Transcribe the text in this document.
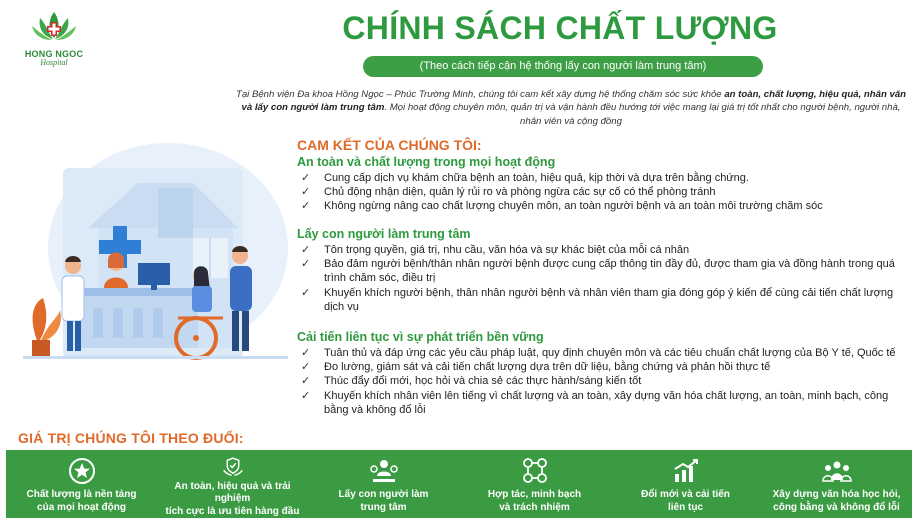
HONG NGOC
Hospital
CHÍNH SÁCH CHẤT LƯỢNG
(Theo cách tiếp cận hệ thống lấy con người làm trung tâm)
Tại Bệnh viện Đa khoa Hồng Ngọc – Phúc Trường Minh, chúng tôi cam kết xây dựng hệ thống chăm sóc sức khỏe an toàn, chất lượng, hiệu quả, nhân văn và lấy con người làm trung tâm. Mọi hoạt động chuyên môn, quản trị và vận hành đều hướng tới việc mang lại giá trị tốt nhất cho người bệnh, người nhà, nhân viên và cộng đồng
CAM KẾT CỦA CHÚNG TÔI:
An toàn và chất lượng trong mọi hoạt động
✓ Cung cấp dịch vụ khám chữa bệnh an toàn, hiệu quả, kịp thời và dựa trên bằng chứng.
✓ Chủ động nhận diện, quản lý rủi ro và phòng ngừa các sự cố có thể phòng tránh
✓ Không ngừng nâng cao chất lượng chuyên môn, an toàn người bệnh và an toàn môi trường chăm sóc
Lấy con người làm trung tâm
✓ Tôn trọng quyền, giá trị, nhu cầu, văn hóa và sự khác biệt của mỗi cá nhân
✓ Bảo đảm người bệnh/thân nhân người bệnh được cung cấp thông tin đầy đủ, được tham gia và đồng hành trong quá trình chăm sóc, điều trị
✓ Khuyến khích người bệnh, thân nhân người bệnh và nhân viên tham gia đóng góp ý kiến để cùng cải tiến chất lượng dịch vụ
Cải tiến liên tục vì sự phát triển bền vững
✓ Tuân thủ và đáp ứng các yêu cầu pháp luật, quy định chuyên môn và các tiêu chuẩn chất lượng của Bộ Y tế, Quốc tế
✓ Đo lường, giám sát và cải tiến chất lượng dựa trên dữ liệu, bằng chứng và phản hồi thực tế
✓ Thúc đẩy đổi mới, học hỏi và chia sẻ các thực hành/sáng kiến tốt
✓ Khuyến khích nhân viên lên tiếng vì chất lượng và an toàn, xây dựng văn hóa chất lượng, an toàn, minh bạch, công bằng và không đổ lỗi
GIÁ TRỊ CHÚNG TÔI THEO ĐUỔI:
Chất lượng là nền tảng
của mọi hoạt động
An toàn, hiệu quả và trải nghiệm
tích cực là ưu tiên hàng đầu
Lấy con người làm
trung tâm
Hợp tác, minh bạch
và trách nhiệm
Đổi mới và cải tiến
liên tục
Xây dựng văn hóa học hỏi,
công bằng và không đổ lỗi
